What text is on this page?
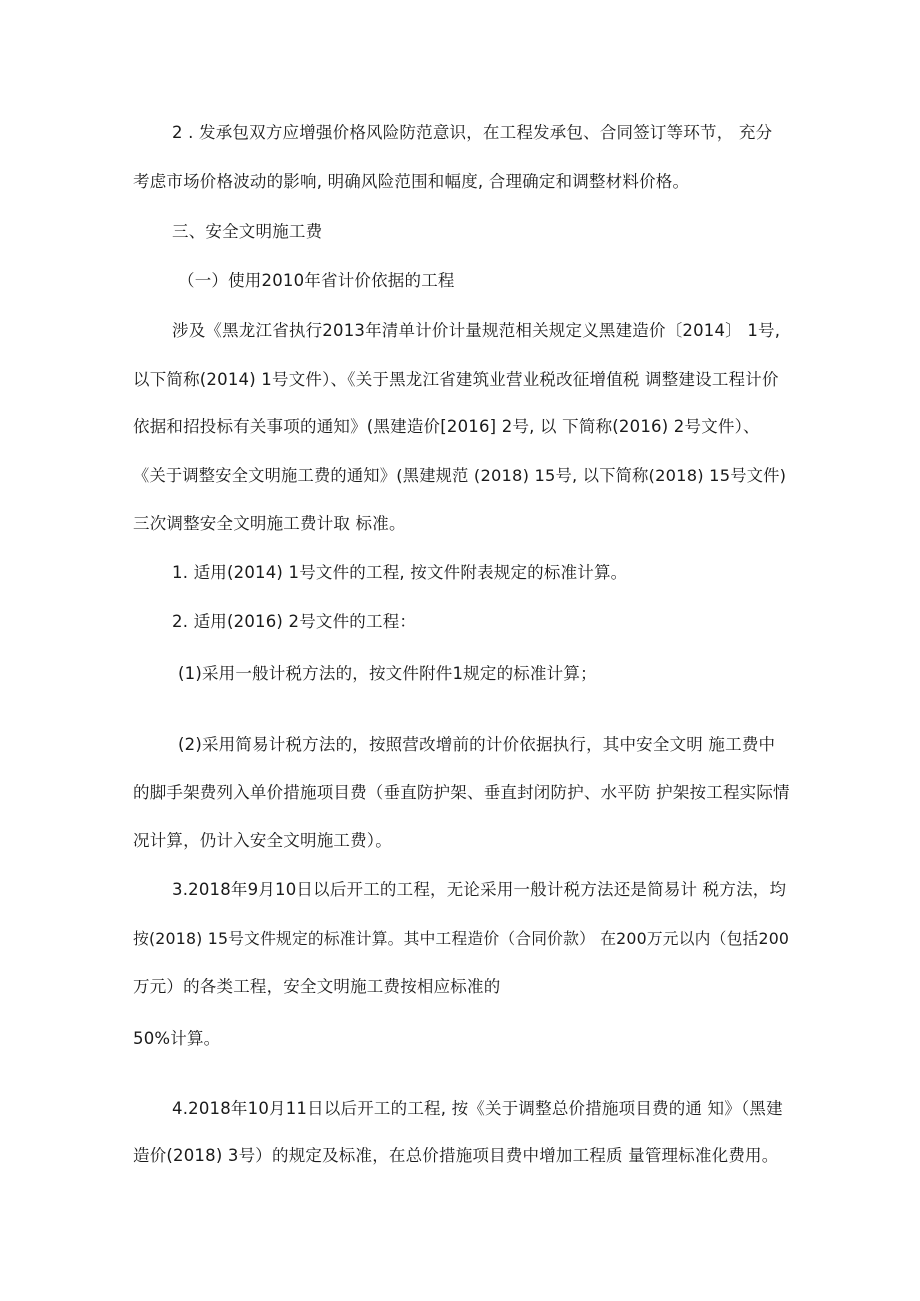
2 . 发承包双方应增强价格风险防范意识，在工程发承包、合同签订等环节， 充分
考虑市场价格波动的影响, 明确风险范围和幅度, 合理确定和调整材料价格。
三、安全文明施工费
（一）使用2010年省计价依据的工程
涉及《黑龙江省执行2013年清单计价计量规范相关规定义黑建造价〔2014〕 1号,
以下简称(2014) 1号文件）、《关于黑龙江省建筑业营业税改征增值税 调整建设工程计价
依据和招投标有关事项的通知》(黑建造价[2016] 2号, 以 下简称(2016) 2号文件）、
《关于调整安全文明施工费的通知》(黑建规范 (2018) 15号, 以下简称(2018) 15号文件)
三次调整安全文明施工费计取 标准。
1. 适用(2014) 1号文件的工程, 按文件附表规定的标准计算。
2. 适用(2016) 2号文件的工程：
(1)采用一般计税方法的，按文件附件1规定的标准计算；
(2)采用简易计税方法的，按照营改增前的计价依据执行，其中安全文明 施工费中
的脚手架费列入单价措施项目费（垂直防护架、垂直封闭防护、水平防 护架按工程实际情
况计算，仍计入安全文明施工费）。
3.2018年9月10日以后开工的工程，无论采用一般计税方法还是简易计 税方法，均
按(2018) 15号文件规定的标准计算。其中工程造价（合同价款） 在200万元以内（包括200
万元）的各类工程，安全文明施工费按相应标准的
50%计算。
4.2018年10月11日以后开工的工程, 按《关于调整总价措施项目费的通 知》（黑建
造价(2018) 3号）的规定及标准，在总价措施项目费中增加工程质 量管理标准化费用。
